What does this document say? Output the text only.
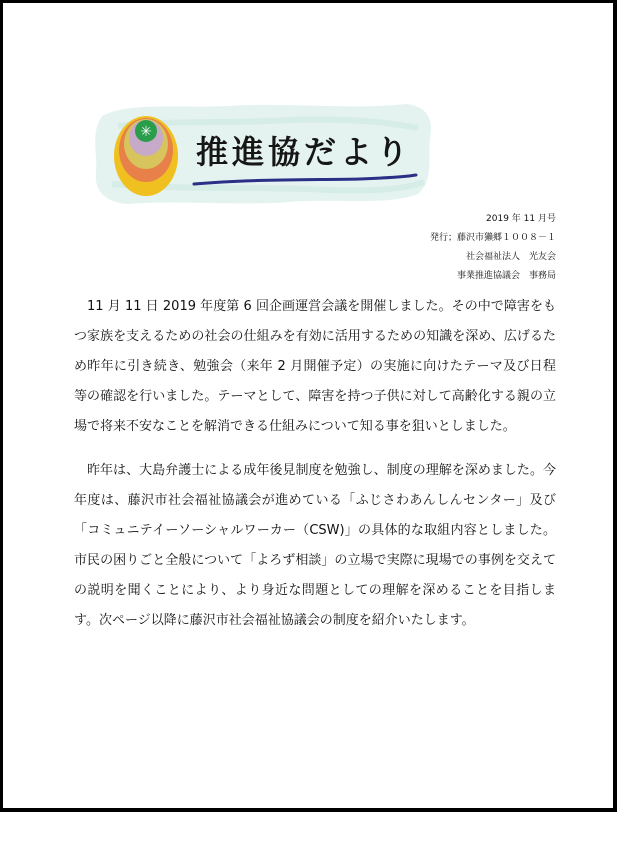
✳
推進協だより
2019 年 11 月号
発行；藤沢市獺郷１００８－１
社会福祉法人　光友会
事業推進協議会　事務局

11 月 11 日 2019 年度第 6 回企画運営会議を開催しました。その中で障害をもつ家族を支えるための社会の仕組みを有効に活用するための知識を深め、広げるため昨年に引き続き、勉強会（来年 2 月開催予定）の実施に向けたテーマ及び日程等の確認を行いました。テーマとして、障害を持つ子供に対して高齢化する親の立場で将来不安なことを解消できる仕組みについて知る事を狙いとしました。

昨年は、大島弁護士による成年後見制度を勉強し、制度の理解を深めました。今年度は、藤沢市社会福祉協議会が進めている「ふじさわあんしんセンター」及び「コミュニテイーソーシャルワーカー（CSW)」の具体的な取組内容としました。市民の困りごと全般について「よろず相談」の立場で実際に現場での事例を交えての説明を聞くことにより、より身近な問題としての理解を深めることを目指します。次ページ以降に藤沢市社会福祉協議会の制度を紹介いたします。
